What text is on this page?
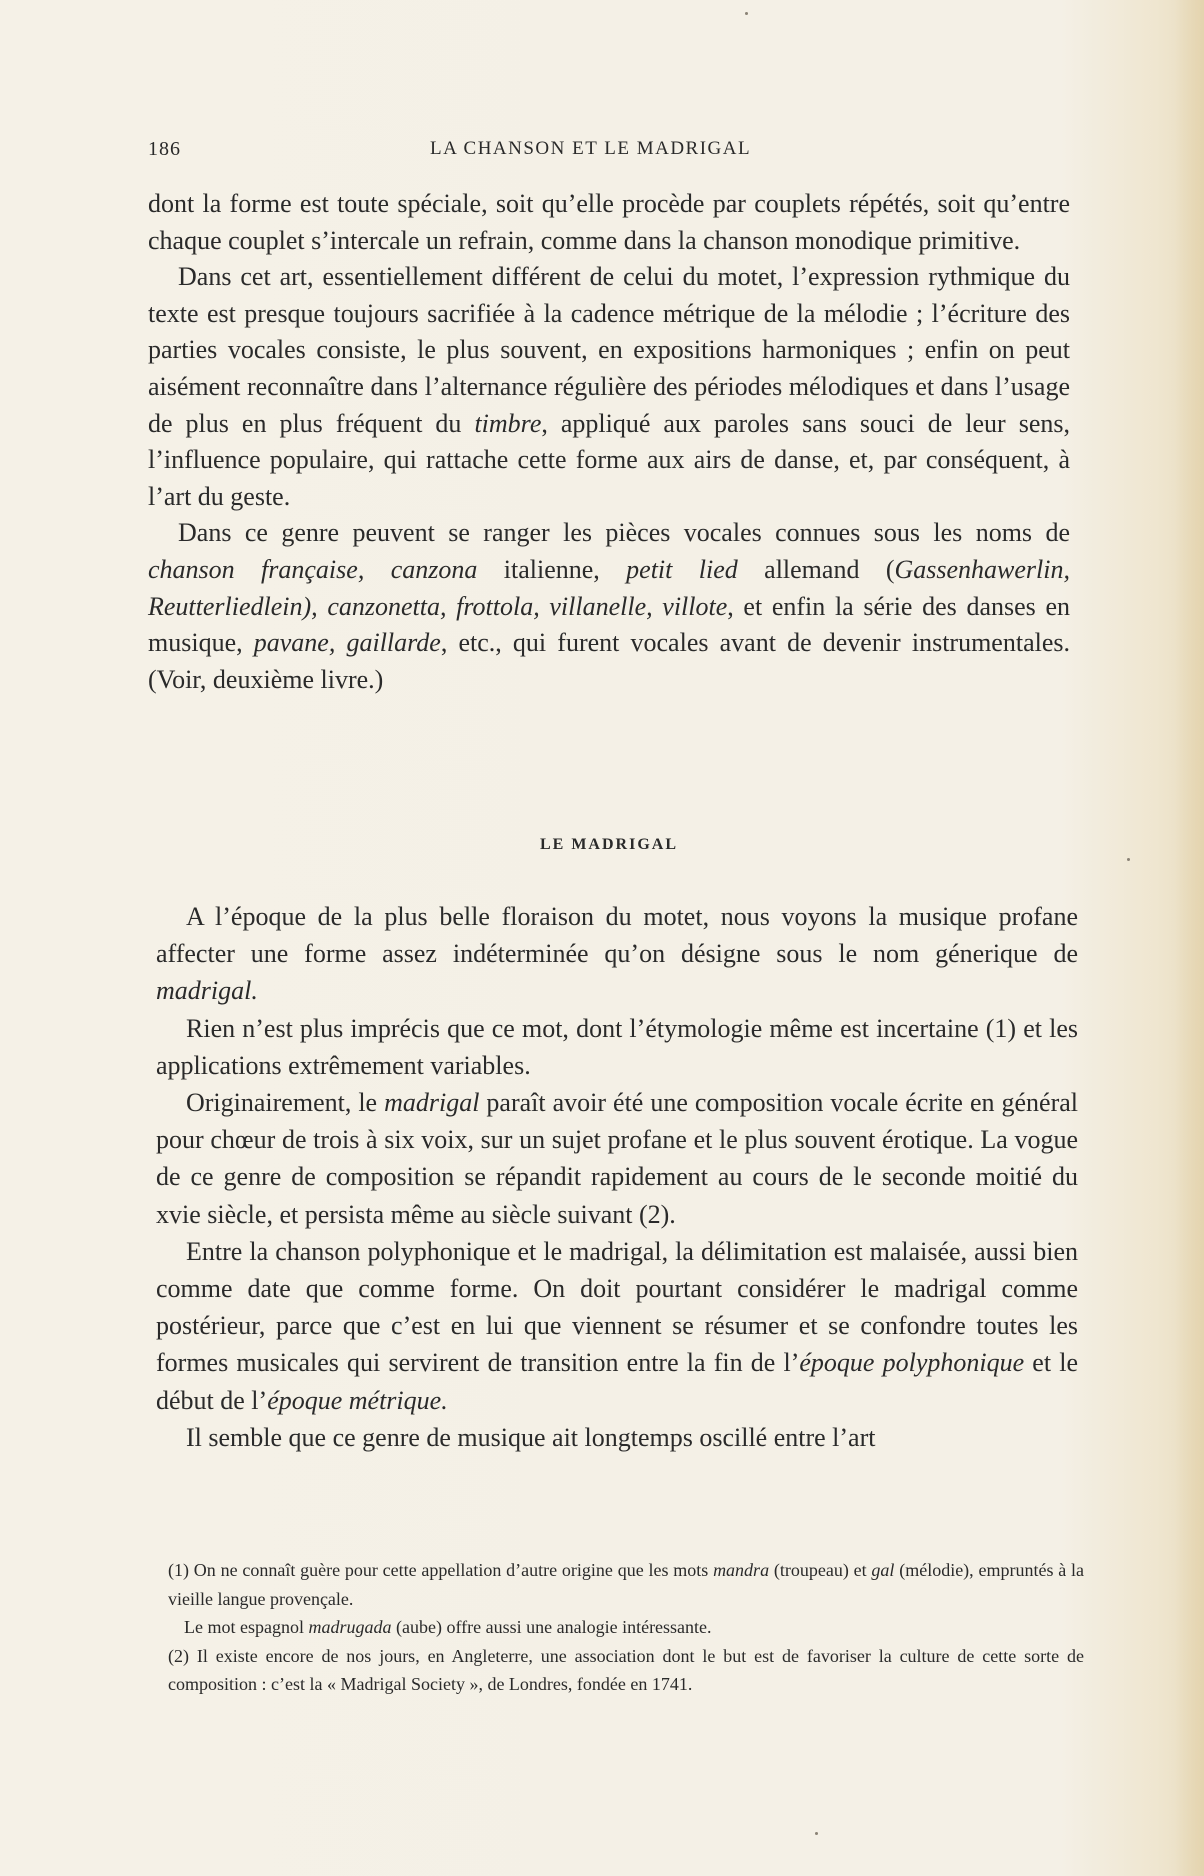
186	LA CHANSON ET LE MADRIGAL

dont la forme est toute spéciale, soit qu’elle procède par couplets répétés, soit qu’entre chaque couplet s’intercale un refrain, comme dans la chanson monodique primitive.

Dans cet art, essentiellement différent de celui du motet, l’expression rythmique du texte est presque toujours sacrifiée à la cadence métrique de la mélodie ; l’écriture des parties vocales consiste, le plus souvent, en expositions harmoniques ; enfin on peut aisément reconnaître dans l’alternance régulière des périodes mélodiques et dans l’usage de plus en plus fréquent du timbre, appliqué aux paroles sans souci de leur sens, l’influence populaire, qui rattache cette forme aux airs de danse, et, par conséquent, à l’art du geste.

Dans ce genre peuvent se ranger les pièces vocales connues sous les noms de chanson française, canzona italienne, petit lied allemand (Gassenhawerlin, Reutterliedlein), canzonetta, frottola, villanelle, villote, et enfin la série des danses en musique, pavane, gaillarde, etc., qui furent vocales avant de devenir instrumentales. (Voir, deuxième livre.)

LE MADRIGAL

A l’époque de la plus belle floraison du motet, nous voyons la musique profane affecter une forme assez indéterminée qu’on désigne sous le nom génerique de madrigal.

Rien n’est plus imprécis que ce mot, dont l’étymologie même est incertaine (1) et les applications extrêmement variables.

Originairement, le madrigal paraît avoir été une composition vocale écrite en général pour chœur de trois à six voix, sur un sujet profane et le plus souvent érotique. La vogue de ce genre de composition se répandit rapidement au cours de le seconde moitié du xvie siècle, et persista même au siècle suivant (2).

Entre la chanson polyphonique et le madrigal, la délimitation est malaisée, aussi bien comme date que comme forme. On doit pourtant considérer le madrigal comme postérieur, parce que c’est en lui que viennent se résumer et se confondre toutes les formes musicales qui servirent de transition entre la fin de l’époque polyphonique et le début de l’époque métrique.

Il semble que ce genre de musique ait longtemps oscillé entre l’art

(1) On ne connaît guère pour cette appellation d’autre origine que les mots mandra (troupeau) et gal (mélodie), empruntés à la vieille langue provençale.

Le mot espagnol madrugada (aube) offre aussi une analogie intéressante.

(2) Il existe encore de nos jours, en Angleterre, une association dont le but est de favoriser la culture de cette sorte de composition : c’est la « Madrigal Society », de Londres, fondée en 1741.
